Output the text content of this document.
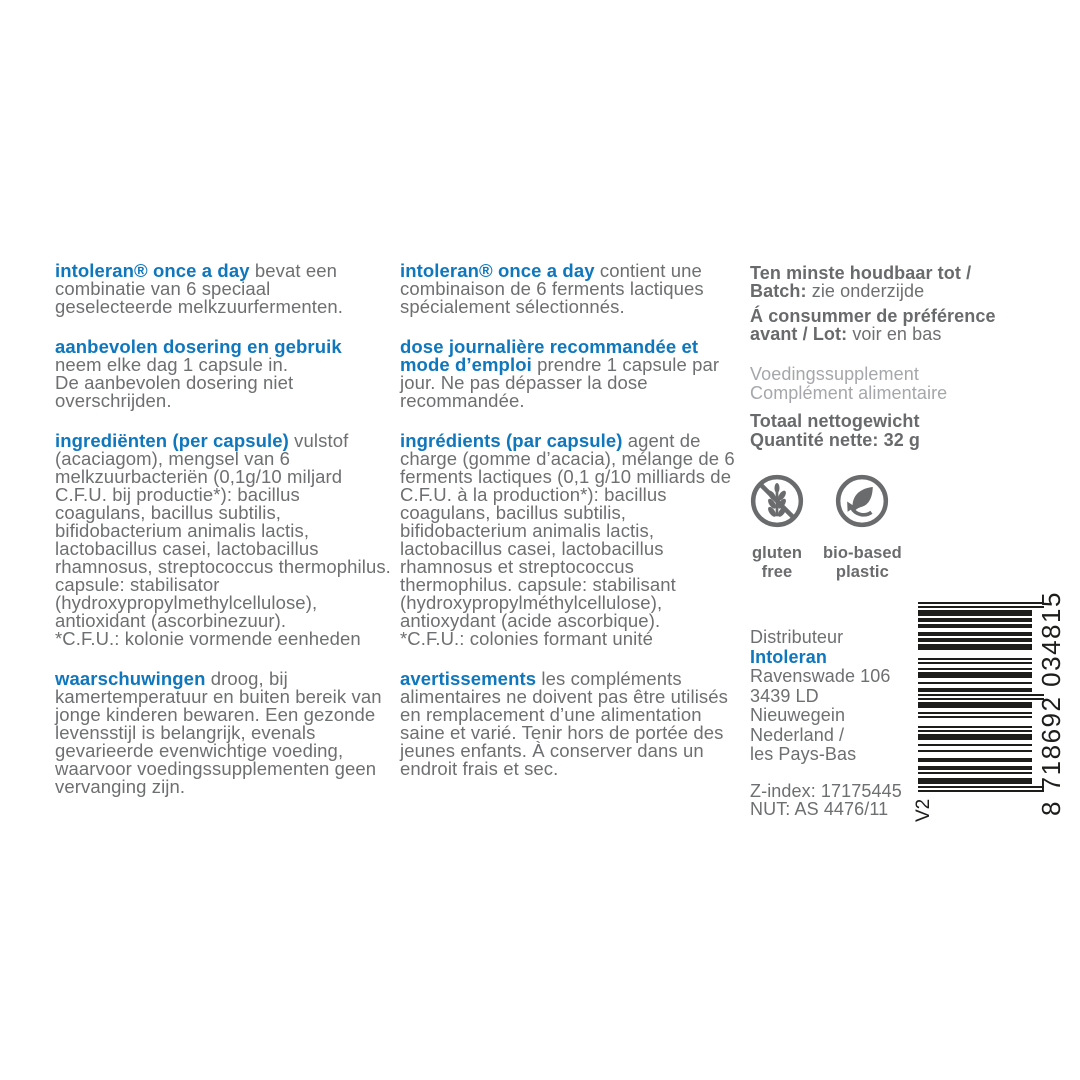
intoleran® once a day bevat een combinatie van 6 speciaal geselecteerde melkzuurfermenten.

aanbevolen dosering en gebruik
neem elke dag 1 capsule in.
De aanbevolen dosering niet overschrijden.

ingrediënten (per capsule) vulstof (acaciagom), mengsel van 6 melkzuurbacteriën (0,1g/10 miljard C.F.U. bij productie*): bacillus coagulans, bacillus subtilis, bifidobacterium animalis lactis, lactobacillus casei, lactobacillus rhamnosus, streptococcus thermophilus. capsule: stabilisator (hydroxypropylmethylcellulose), antioxidant (ascorbinezuur).
*C.F.U.: kolonie vormende eenheden

waarschuwingen droog, bij kamertemperatuur en buiten bereik van jonge kinderen bewaren. Een gezonde levensstijl is belangrijk, evenals gevarieerde evenwichtige voeding, waarvoor voedingssupplementen geen vervanging zijn.

intoleran® once a day contient une combinaison de 6 ferments lactiques spécialement sélectionnés.

dose journalière recommandée et mode d’emploi prendre 1 capsule par jour. Ne pas dépasser la dose recommandée.

ingrédients (par capsule) agent de charge (gomme d’acacia), mélange de 6 ferments lactiques (0,1 g/10 milliards de C.F.U. à la production*): bacillus coagulans, bacillus subtilis, bifidobacterium animalis lactis, lactobacillus casei, lactobacillus rhamnosus et streptococcus thermophilus. capsule: stabilisant (hydroxypropylméthylcellulose), antioxydant (acide ascorbique).
*C.F.U.: colonies formant unité

avertissements les compléments alimentaires ne doivent pas être utilisés en remplacement d’une alimentation saine et varié. Tenir hors de portée des jeunes enfants. À conserver dans un endroit frais et sec.

Ten minste houdbaar tot /
Batch: zie onderzijde

Á consummer de préférence
avant / Lot: voir en bas

Voedingssupplement
Complément alimentaire
Totaal nettogewicht
Quantité nette: 32 g
gluten
free
bio-based
plastic
Distributeur
Intoleran
Ravenswade 106
3439 LD
Nieuwegein
Nederland /
les Pays-Bas
Z-index: 17175445
NUT: AS 4476/11	8 718692 034815
V2
